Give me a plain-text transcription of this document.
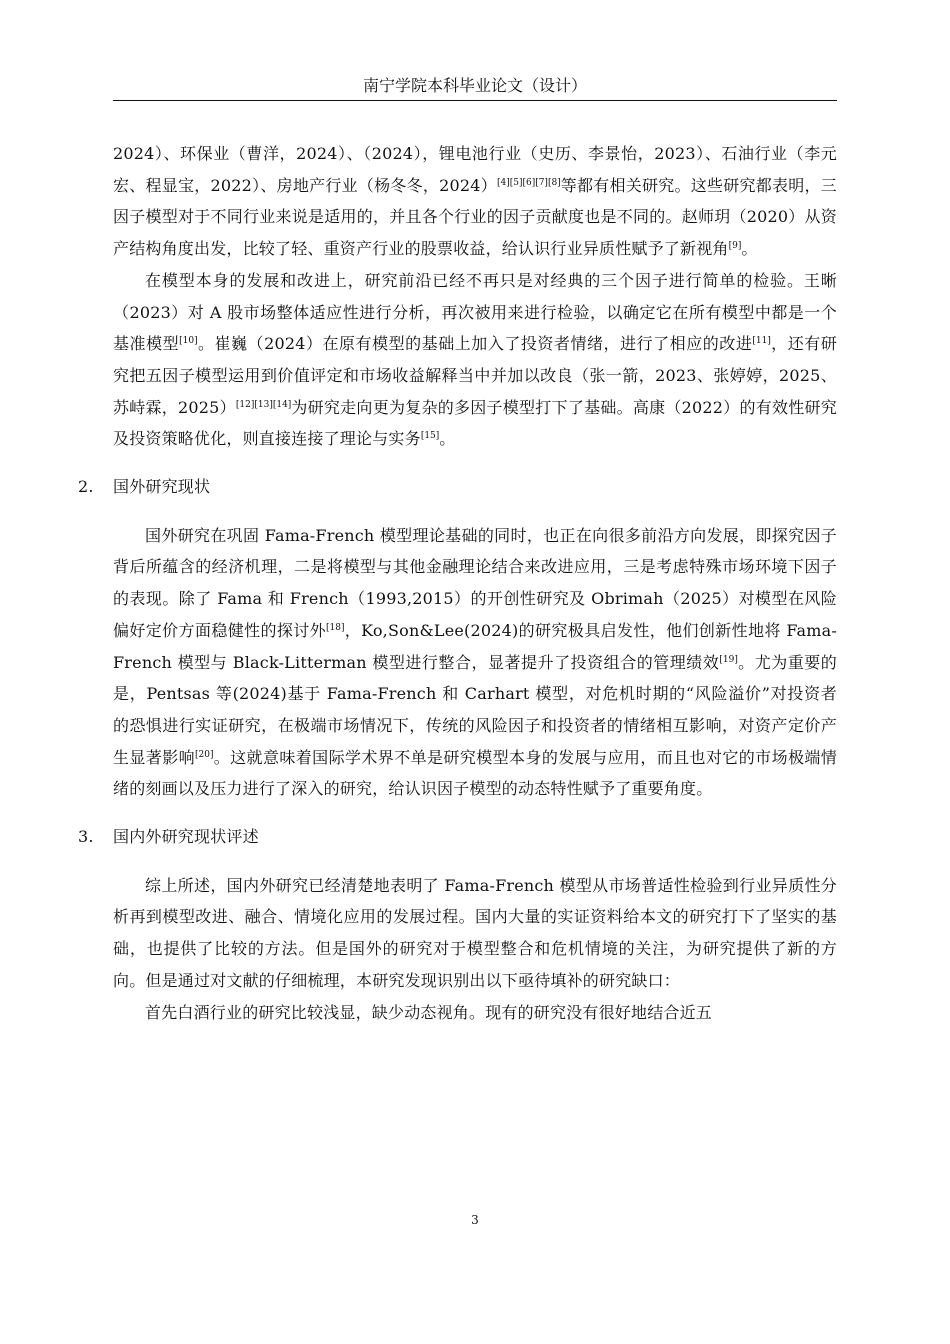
南宁学院本科毕业论文（设计）

2024）、环保业（曹洋，2024）、（2024），锂电池行业（史历、李景怡，2023）、石油行业（李元宏、程显宝，2022）、房地产行业（杨冬冬，2024）[4][5][6][7][8]等都有相关研究。这些研究都表明，三因子模型对于不同行业来说是适用的，并且各个行业的因子贡献度也是不同的。赵师玥（2020）从资产结构角度出发，比较了轻、重资产行业的股票收益，给认识行业异质性赋予了新视角[9]。

在模型本身的发展和改进上，研究前沿已经不再只是对经典的三个因子进行简单的检验。王晰（2023）对 A 股市场整体适应性进行分析，再次被用来进行检验，以确定它在所有模型中都是一个基准模型[10]。崔巍（2024）在原有模型的基础上加入了投资者情绪，进行了相应的改进[11]，还有研究把五因子模型运用到价值评定和市场收益解释当中并加以改良（张一箭，2023、张婷婷，2025、苏峙霖，2025）[12][13][14]为研究走向更为复杂的多因子模型打下了基础。高康（2022）的有效性研究及投资策略优化，则直接连接了理论与实务[15]。

2. 国外研究现状

国外研究在巩固 Fama-French 模型理论基础的同时，也正在向很多前沿方向发展，即探究因子背后所蕴含的经济机理，二是将模型与其他金融理论结合来改进应用，三是考虑特殊市场环境下因子的表现。除了 Fama 和 French（1993,2015）的开创性研究及 Obrimah（2025）对模型在风险偏好定价方面稳健性的探讨外[18]，Ko,Son&Lee(2024)的研究极具启发性，他们创新性地将 Fama-French 模型与 Black-Litterman 模型进行整合，显著提升了投资组合的管理绩效[19]。尤为重要的是，Pentsas 等(2024)基于 Fama-French 和 Carhart 模型，对危机时期的“风险溢价”对投资者的恐惧进行实证研究，在极端市场情况下，传统的风险因子和投资者的情绪相互影响，对资产定价产生显著影响[20]。这就意味着国际学术界不单是研究模型本身的发展与应用，而且也对它的市场极端情绪的刻画以及压力进行了深入的研究，给认识因子模型的动态特性赋予了重要角度。

3. 国内外研究现状评述

综上所述，国内外研究已经清楚地表明了 Fama-French 模型从市场普适性检验到行业异质性分析再到模型改进、融合、情境化应用的发展过程。国内大量的实证资料给本文的研究打下了坚实的基础，也提供了比较的方法。但是国外的研究对于模型整合和危机情境的关注，为研究提供了新的方向。但是通过对文献的仔细梳理，本研究发现识别出以下亟待填补的研究缺口：

首先白酒行业的研究比较浅显，缺少动态视角。现有的研究没有很好地结合近五

3
